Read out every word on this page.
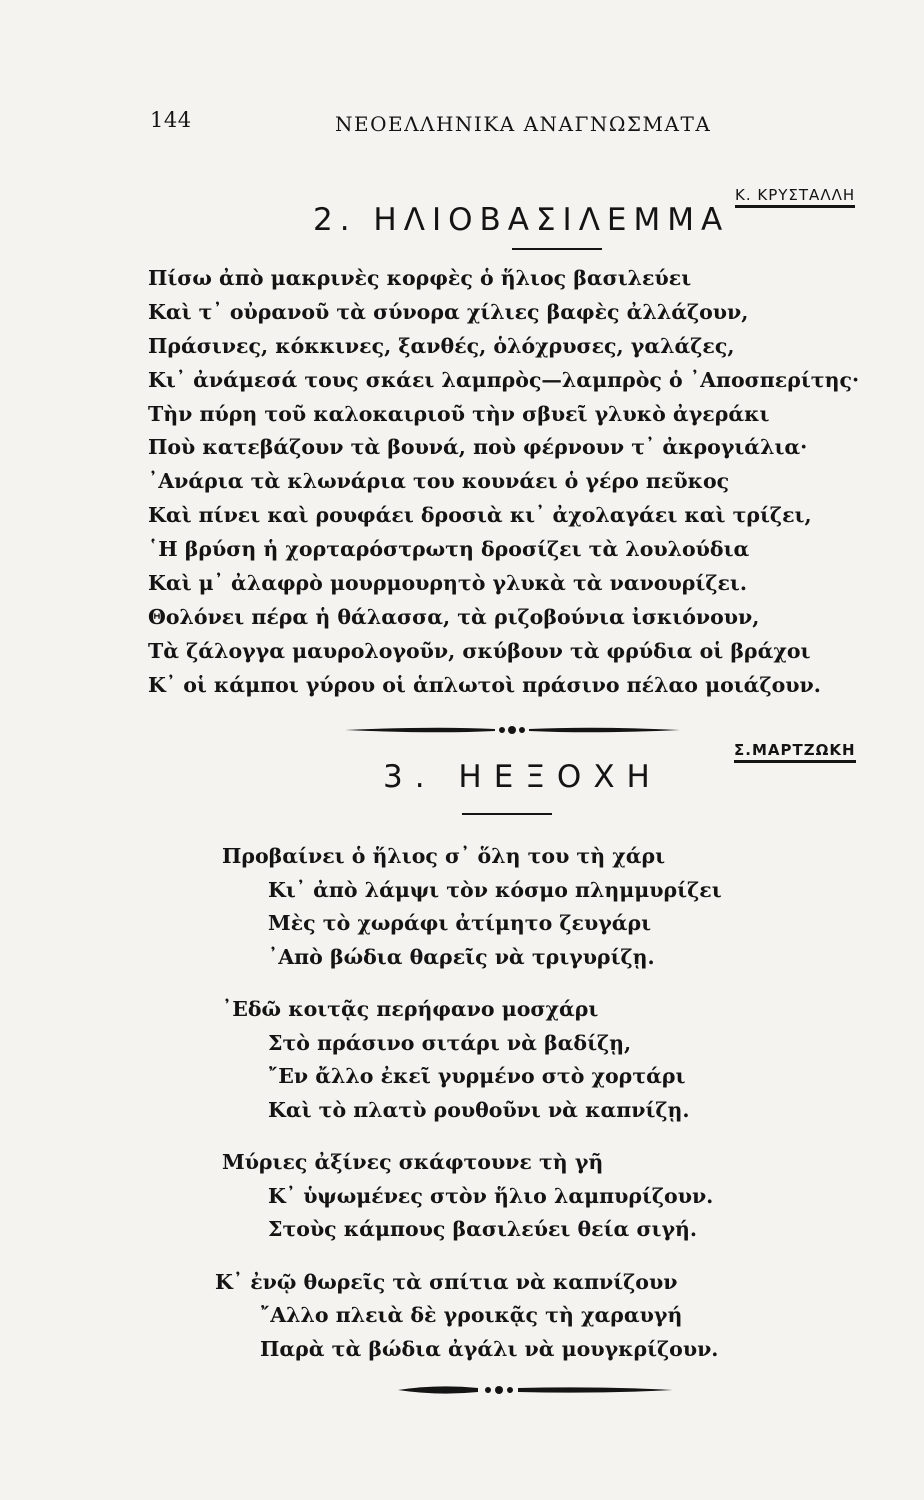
144	ΝΕΟΕΛΛΗΝΙΚΑ ΑΝΑΓΝΩΣΜΑΤΑ
Κ. ΚΡΥΣΤΑΛΛΗ
2. ΗΛΙΟΒΑΣΙΛΕΜΜΑ
Πίσω ἀπὸ μακρινὲς κορφὲς ὁ ἥλιος βασιλεύει
Καὶ τ᾽ οὐρανοῦ τὰ σύνορα χίλιες βαφὲς ἀλλάζουν,
Πράσινες, κόκκινες, ξανθές, ὁλόχρυσες, γαλάζες,
Κι᾽ ἀνάμεσά τους σκάει λαμπρὸς—λαμπρὸς ὁ ᾽Αποσπερίτης·
Τὴν πύρη τοῦ καλοκαιριοῦ τὴν σβυεῖ γλυκὸ ἀγεράκι
Ποὺ κατεβάζουν τὰ βουνά, ποὺ φέρνουν τ᾽ ἀκρογιάλια·
᾽Ανάρια τὰ κλωνάρια του κουνάει ὁ γέρο πεῦκος
Καὶ πίνει καὶ ρουφάει δροσιὰ κι᾽ ἀχολαγάει καὶ τρίζει,
῾Η βρύση ἡ χορταρόστρωτη δροσίζει τὰ λουλούδια
Καὶ μ᾽ ἀλαφρὸ μουρμουρητὸ γλυκὰ τὰ νανουρίζει.
Θολόνει πέρα ἡ θάλασσα, τὰ ριζοβούνια ἰσκιόνουν,
Τὰ ζάλογγα μαυρολογοῦν, σκύβουν τὰ φρύδια οἱ βράχοι
Κ᾽ οἱ κάμποι γύρου οἱ ἁπλωτοὶ πράσινο πέλαο μοιάζουν.
Σ.ΜΑΡΤΖΩΚΗ
3. ΗΕΞΟΧΗ
Προβαίνει ὁ ἥλιος σ᾽ ὅλη του τὴ χάρι
Κι᾽ ἀπὸ λάμψι τὸν κόσμο πλημμυρίζει
Μὲς τὸ χωράφι ἀτίμητο ζευγάρι
᾽Απὸ βώδια θαρεῖς νὰ τριγυρίζῃ.
᾽Εδῶ κοιτᾷς περήφανο μοσχάρι
Στὸ πράσινο σιτάρι νὰ βαδίζῃ,
῎Εν ἄλλο ἐκεῖ γυρμένο στὸ χορτάρι
Καὶ τὸ πλατὺ ρουθοῦνι νὰ καπνίζῃ.
Μύριες ἀξίνες σκάφτουνε τὴ γῆ
Κ᾽ ὑψωμένες στὸν ἥλιο λαμπυρίζουν.
Στοὺς κάμπους βασιλεύει θεία σιγή.
Κ᾽ ἐνῷ θωρεῖς τὰ σπίτια νὰ καπνίζουν
῎Αλλο πλειὰ δὲ γροικᾷς τὴ χαραυγή
Παρὰ τὰ βώδια ἀγάλι νὰ μουγκρίζουν.
